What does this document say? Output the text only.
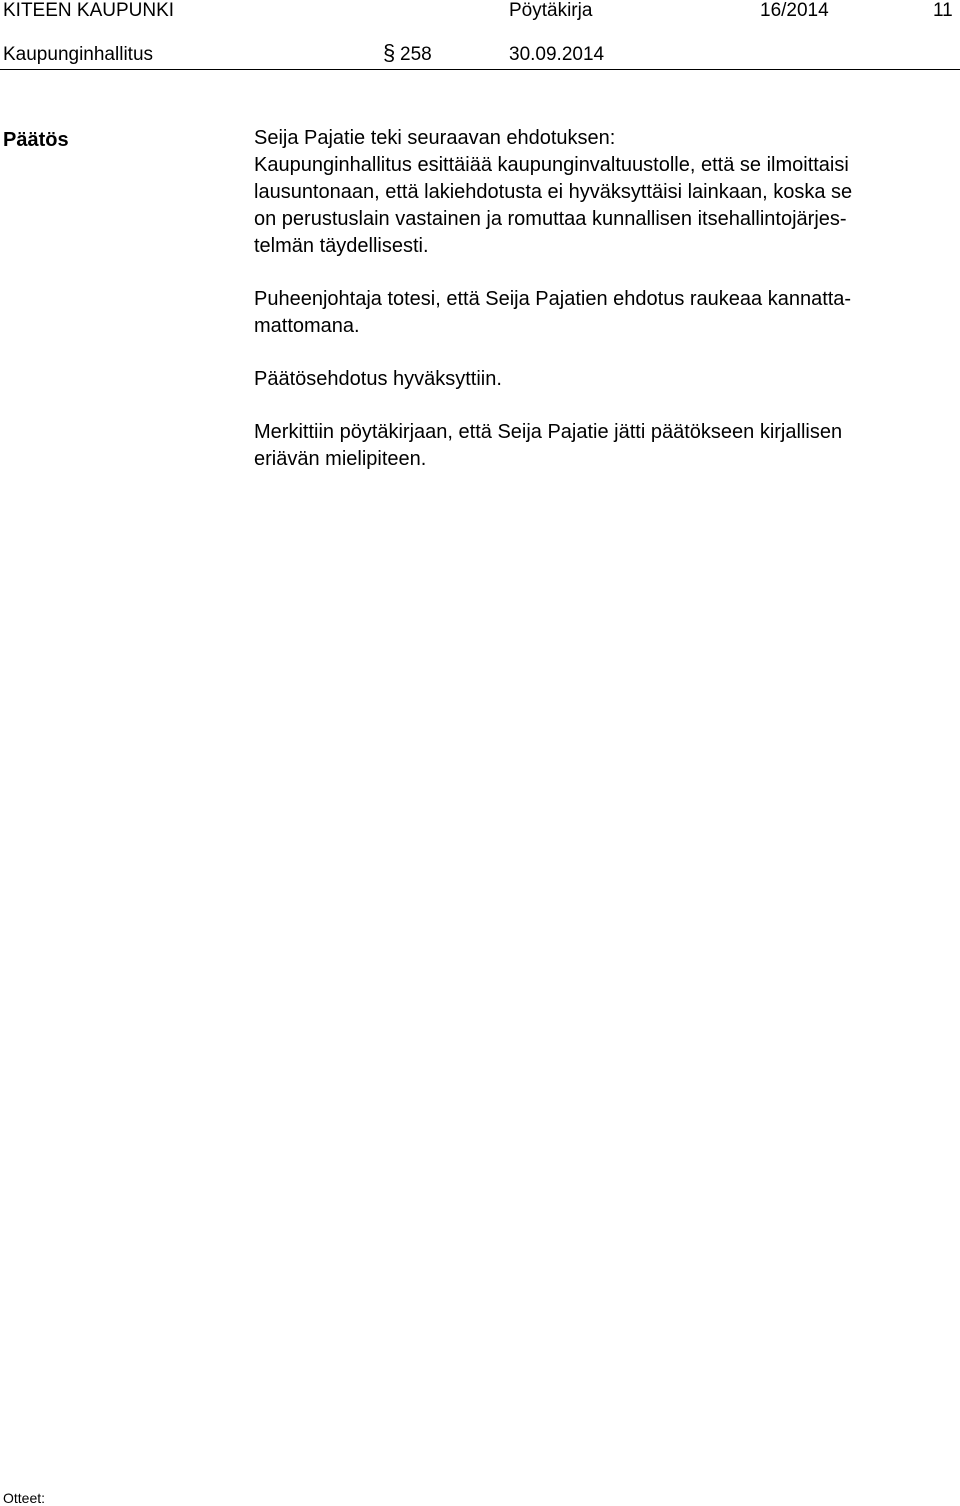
KITEEN KAUPUNKI	Pöytäkirja	16/2014	11
Kaupunginhallitus	§ 258	30.09.2014
Päätös	Seija Pajatie teki seuraavan ehdotuksen:
Kaupunginhallitus esittäiää kaupunginvaltuustolle, että se ilmoittaisi
lausuntonaan, että lakiehdotusta ei hyväksyttäisi lainkaan, koska se
on perustuslain vastainen ja romuttaa kunnallisen itsehallintojärjes-
telmän täydellisesti.

Puheenjohtaja totesi, että Seija Pajatien ehdotus raukeaa kannatta-
mattomana.

Päätösehdotus hyväksyttiin.

Merkittiin pöytäkirjaan, että Seija Pajatie jätti päätökseen kirjallisen
eriävän mielipiteen.

Otteet:
